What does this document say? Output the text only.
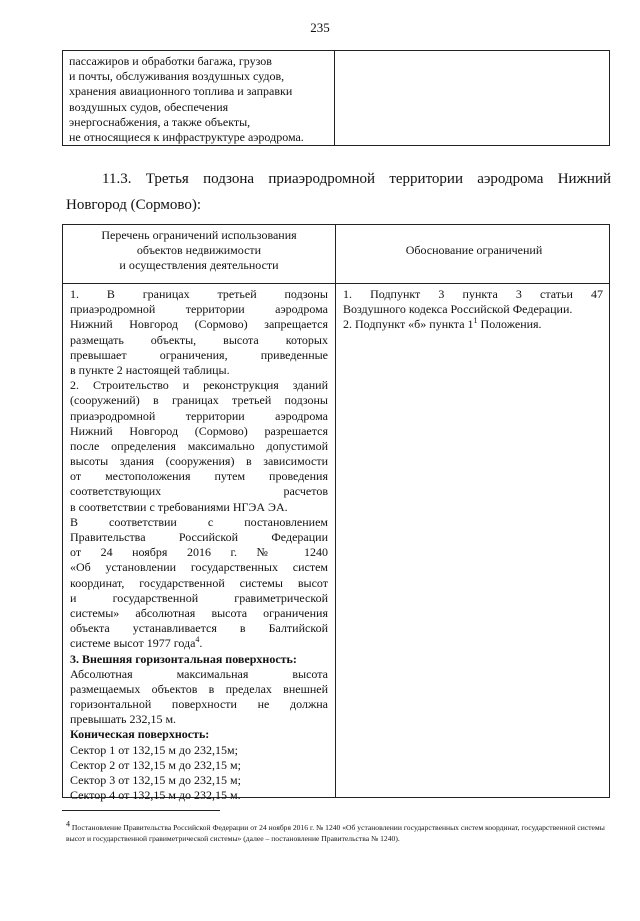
235
пассажиров и обработки багажа, грузов
и почты, обслуживания воздушных судов,
хранения авиационного топлива и заправки
воздушных судов, обеспечения
энергоснабжения, а также объекты,
не относящиеся к инфраструктуре аэродрома.
11.3. Третья подзона приаэродромной территории аэродрома Нижний
Новгород (Сормово):
Перечень ограничений использования
объектов недвижимости
и осуществления деятельности
Обоснование ограничений
1. В границах третьей подзоны
приаэродромной территории аэродрома
Нижний Новгород (Сормово) запрещается
размещать объекты, высота которых
превышает ограничения, приведенные
в пункте 2 настоящей таблицы.
2. Строительство и реконструкция зданий
(сооружений) в границах третьей подзоны
приаэродромной территории аэродрома
Нижний Новгород (Сормово) разрешается
после определения максимально допустимой
высоты здания (сооружения) в зависимости
от местоположения путем проведения
соответствующих расчетов
в соответствии с требованиями НГЭА ЭА.
В соответствии с постановлением
Правительства Российской Федерации
от 24 ноября 2016 г. № 1240
«Об установлении государственных систем
координат, государственной системы высот
и государственной гравиметрической
системы» абсолютная высота ограничения
объекта устанавливается в Балтийской
системе высот 1977 года$^4$.
3. Внешняя горизонтальная поверхность:
Абсолютная максимальная высота
размещаемых объектов в пределах внешней
горизонтальной поверхности не должна
превышать 232,15 м.
Коническая поверхность:
Сектор 1 от 132,15 м до 232,15м;
Сектор 2 от 132,15 м до 232,15 м;
Сектор 3 от 132,15 м до 232,15 м;
Сектор 4 от 132,15 м до 232,15 м.
1. Подпункт 3 пункта 3 статьи 47
Воздушного кодекса Российской Федерации.
2. Подпункт «б» пункта $1^1$ Положения.
$^4$ Постановление Правительства Российской Федерации от 24 ноября 2016 г. № 1240 «Об установлении государственных систем координат, государственной системы высот и государственной гравиметрической системы» (далее – постановление Правительства № 1240).
